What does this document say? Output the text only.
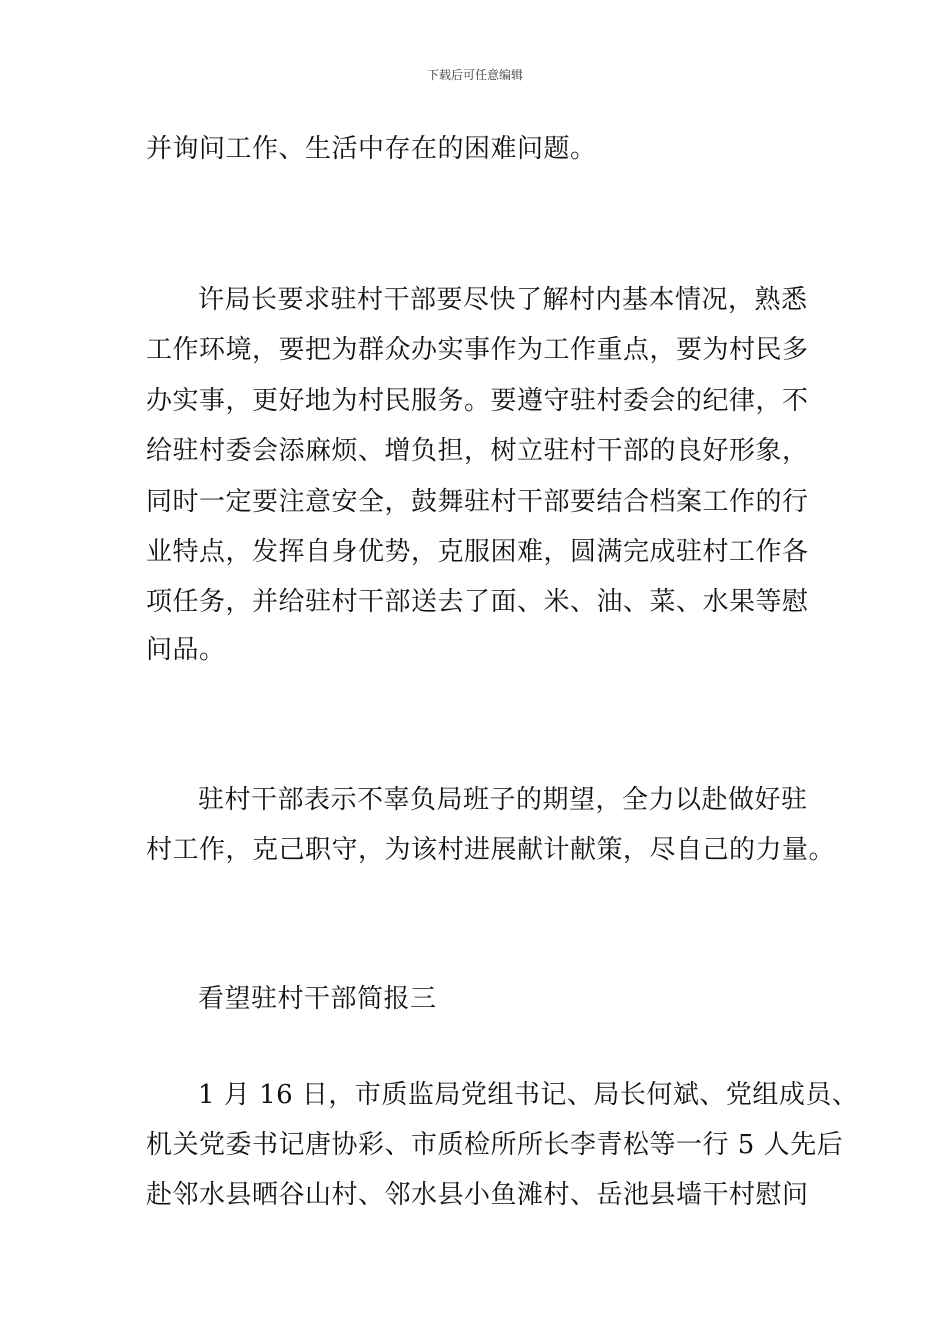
下载后可任意编辑
并询问工作、生活中存在的困难问题。
许局长要求驻村干部要尽快了解村内基本情况，熟悉
工作环境，要把为群众办实事作为工作重点，要为村民多
办实事，更好地为村民服务。要遵守驻村委会的纪律，不
给驻村委会添麻烦、增负担，树立驻村干部的良好形象，
同时一定要注意安全，鼓舞驻村干部要结合档案工作的行
业特点，发挥自身优势，克服困难，圆满完成驻村工作各
项任务，并给驻村干部送去了面、米、油、菜、水果等慰
问品。
驻村干部表示不辜负局班子的期望，全力以赴做好驻
村工作，克己职守，为该村进展献计献策，尽自己的力量。
看望驻村干部简报三
1 月 16 日，市质监局党组书记、局长何斌、党组成员、
机关党委书记唐协彩、市质检所所长李青松等一行 5 人先后
赴邻水县晒谷山村、邻水县小鱼滩村、岳池县墙干村慰问
